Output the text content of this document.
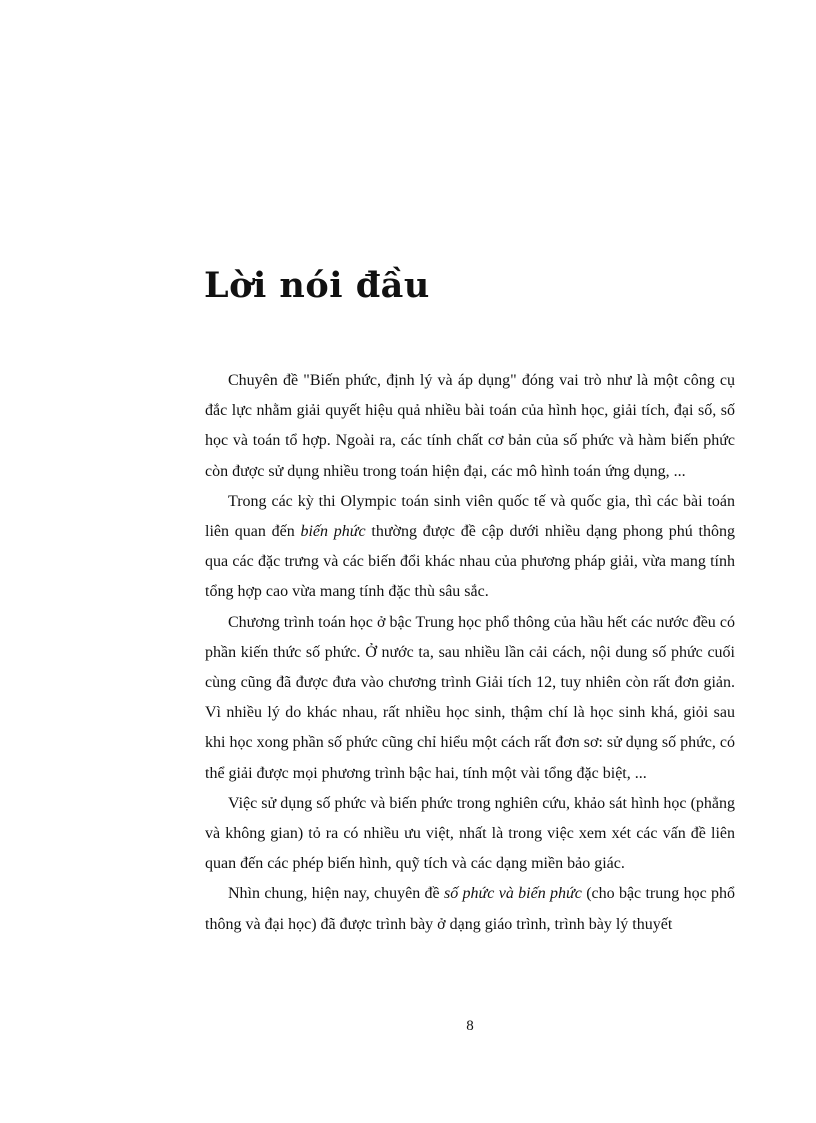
Lời nói đầu

Chuyên đề "Biến phức, định lý và áp dụng" đóng vai trò như là một công cụ đắc lực nhằm giải quyết hiệu quả nhiều bài toán của hình học, giải tích, đại số, số học và toán tổ hợp. Ngoài ra, các tính chất cơ bản của số phức và hàm biến phức còn được sử dụng nhiều trong toán hiện đại, các mô hình toán ứng dụng, ...

Trong các kỳ thi Olympic toán sinh viên quốc tế và quốc gia, thì các bài toán liên quan đến biến phức thường được đề cập dưới nhiều dạng phong phú thông qua các đặc trưng và các biến đổi khác nhau của phương pháp giải, vừa mang tính tổng hợp cao vừa mang tính đặc thù sâu sắc.

Chương trình toán học ở bậc Trung học phổ thông của hầu hết các nước đều có phần kiến thức số phức. Ở nước ta, sau nhiều lần cải cách, nội dung số phức cuối cùng cũng đã được đưa vào chương trình Giải tích 12, tuy nhiên còn rất đơn giản. Vì nhiều lý do khác nhau, rất nhiều học sinh, thậm chí là học sinh khá, giỏi sau khi học xong phần số phức cũng chỉ hiểu một cách rất đơn sơ: sử dụng số phức, có thể giải được mọi phương trình bậc hai, tính một vài tổng đặc biệt, ...

Việc sử dụng số phức và biến phức trong nghiên cứu, khảo sát hình học (phẳng và không gian) tỏ ra có nhiều ưu việt, nhất là trong việc xem xét các vấn đề liên quan đến các phép biến hình, quỹ tích và các dạng miền bảo giác.

Nhìn chung, hiện nay, chuyên đề số phức và biến phức (cho bậc trung học phổ thông và đại học) đã được trình bày ở dạng giáo trình, trình bày lý thuyết

8
